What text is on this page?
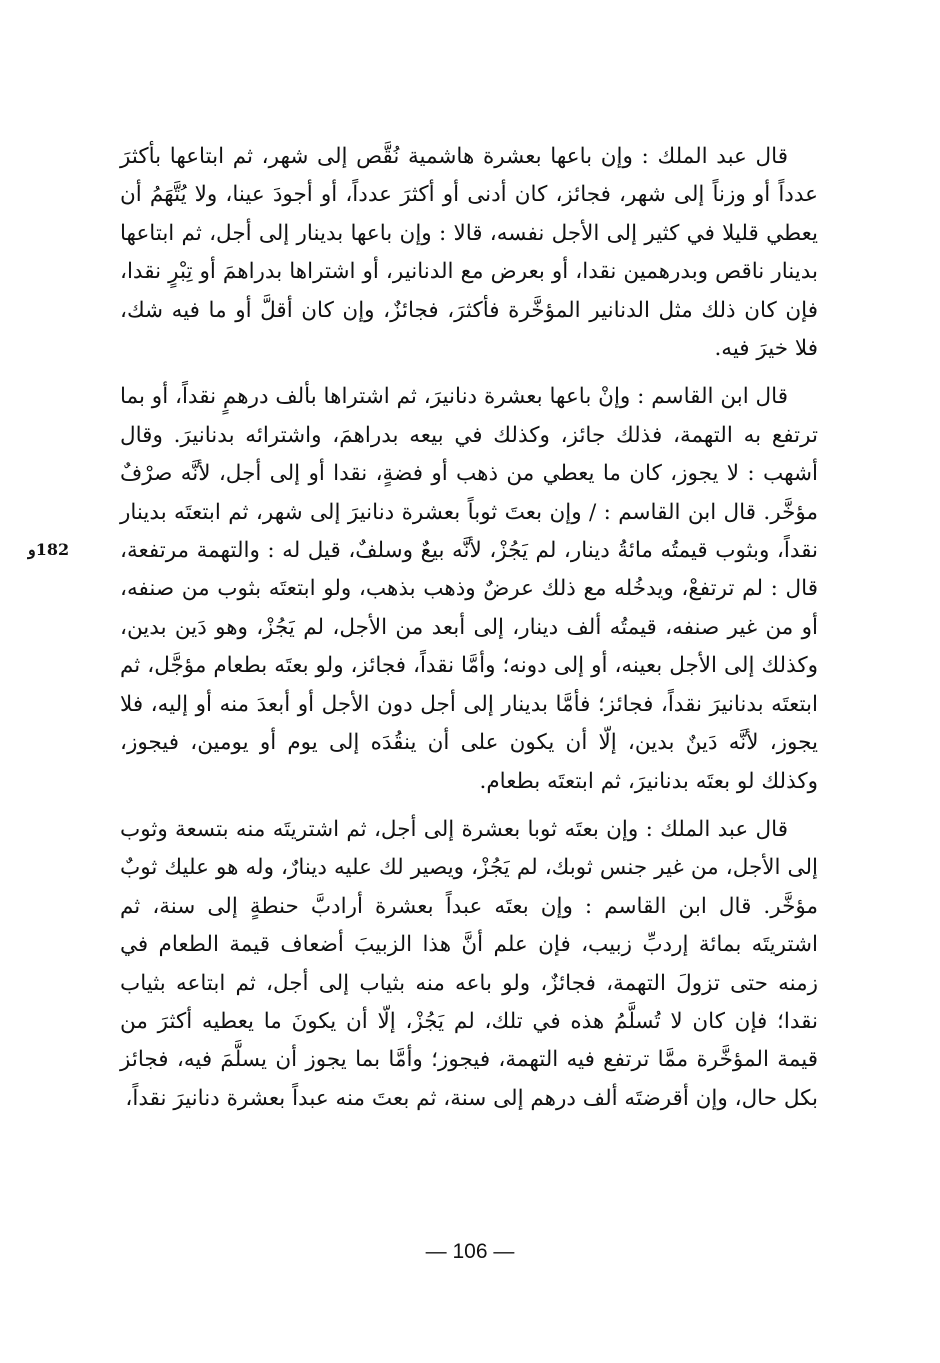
قال عبد الملك : وإن باعها بعشرة هاشمية نُقَّص إلى شهر، ثم ابتاعها بأكثرَ عدداً أو وزناً إلى شهر، فجائز، كان أدنى أو أكثرَ عدداً، أو أجودَ عينا، ولا يُتَّهَمُ أن يعطي قليلا في كثير إلى الأجل نفسه، قالا : وإن باعها بدينار إلى أجل، ثم ابتاعها بدينار ناقص وبدرهمين نقدا، أو بعرض مع الدنانير، أو اشتراها بدراهمَ أو تِبْرٍ نقدا، فإن كان ذلك مثل الدنانير المؤخَّرة فأكثرَ، فجائزٌ، وإن كان أقلَّ أو ما فيه شك، فلا خيرَ فيه.

قال ابن القاسم : وإنْ باعها بعشرة دنانيرَ، ثم اشتراها بألف درهمٍ نقداً، أو بما ترتفع به التهمة، فذلك جائز، وكذلك في بيعه بدراهمَ، واشترائه بدنانيرَ. وقال أشهب : لا يجوز، كان ما يعطي من ذهب أو فضةٍ، نقدا أو إلى أجل، لأنَّه صرْفٌ مؤخَّر. قال ابن القاسم : / وإن بعتَ ثوباً بعشرة دنانيرَ إلى شهر، ثم ابتعتَه بدينار نقداً، وبثوب قيمتُه مائةُ دينار، لم يَجُزْ، لأنَّه بيعٌ وسلفٌ، قيل له : والتهمة مرتفعة، قال : لم ترتفعْ، ويدخُله مع ذلك عرضٌ وذهب بذهب، ولو ابتعتَه بثوب من صنفه، أو من غير صنفه، قيمتُه ألف دينار، إلى أبعد من الأجل، لم يَجُزْ، وهو دَين بدين، وكذلك إلى الأجل بعينه، أو إلى دونه؛ وأمَّا نقداً، فجائز، ولو بعتَه بطعام مؤجَّل، ثم ابتعتَه بدنانيرَ نقداً، فجائز؛ فأمَّا بدينار إلى أجل دون الأجل أو أبعدَ منه أو إليه، فلا يجوز، لأنَّه دَينٌ بدين، إلّا أن يكون على أن ينقُدَه إلى يوم أو يومين، فيجوز، وكذلك لو بعتَه بدنانيرَ، ثم ابتعتَه بطعام.

قال عبد الملك : وإن بعتَه ثوبا بعشرة إلى أجل، ثم اشتريتَه منه بتسعة وثوب إلى الأجل، من غير جنس ثوبك، لم يَجُزْ، ويصير لك عليه دينارٌ، وله هو عليك ثوبٌ مؤخَّر. قال ابن القاسم : وإن بعتَه عبداً بعشرة أرادبَّ حنطةٍ إلى سنة، ثم اشتريتَه بمائة إردبِّ زبيب، فإن علم أنَّ هذا الزبيبَ أضعاف قيمة الطعام في زمنه حتى تزولَ التهمة، فجائزٌ، ولو باعه منه بثياب إلى أجل، ثم ابتاعه بثياب نقدا؛ فإن كان لا تُسلَّمُ هذه في تلك، لم يَجُزْ، إلّا أن يكونَ ما يعطيه أكثرَ من قيمة المؤخَّرة ممَّا ترتفع فيه التهمة، فيجوز؛ وأمَّا بما يجوز أن يسلَّمَ فيه، فجائز بكل حال، وإن أقرضتَه ألف درهم إلى سنة، ثم بعتَ منه عبداً بعشرة دنانيرَ نقداً،

182و
— 106 —
